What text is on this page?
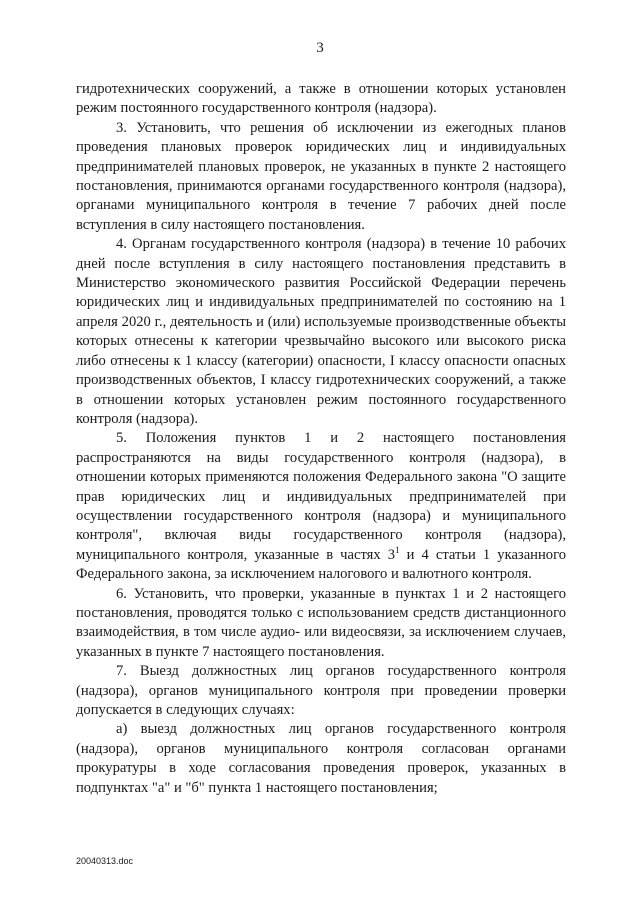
3

гидротехнических сооружений, а также в отношении которых установлен режим постоянного государственного контроля (надзора).

3. Установить, что решения об исключении из ежегодных планов проведения плановых проверок юридических лиц и индивидуальных предпринимателей плановых проверок, не указанных в пункте 2 настоящего постановления, принимаются органами государственного контроля (надзора), органами муниципального контроля в течение 7 рабочих дней после вступления в силу настоящего постановления.

4. Органам государственного контроля (надзора) в течение 10 рабочих дней после вступления в силу настоящего постановления представить в Министерство экономического развития Российской Федерации перечень юридических лиц и индивидуальных предпринимателей по состоянию на 1 апреля 2020 г., деятельность и (или) используемые производственные объекты которых отнесены к категории чрезвычайно высокого или высокого риска либо отнесены к 1 классу (категории) опасности, I классу опасности опасных производственных объектов, I классу гидротехнических сооружений, а также в отношении которых установлен режим постоянного государственного контроля (надзора).

5. Положения пунктов 1 и 2 настоящего постановления распространяются на виды государственного контроля (надзора), в отношении которых применяются положения Федерального закона "О защите прав юридических лиц и индивидуальных предпринимателей при осуществлении государственного контроля (надзора) и муниципального контроля", включая виды государственного контроля (надзора), муниципального контроля, указанные в частях $3^1$ и 4 статьи 1 указанного Федерального закона, за исключением налогового и валютного контроля.

6. Установить, что проверки, указанные в пунктах 1 и 2 настоящего постановления, проводятся только с использованием средств дистанционного взаимодействия, в том числе аудио- или видеосвязи, за исключением случаев, указанных в пункте 7 настоящего постановления.

7. Выезд должностных лиц органов государственного контроля (надзора), органов муниципального контроля при проведении проверки допускается в следующих случаях:

а) выезд должностных лиц органов государственного контроля (надзора), органов муниципального контроля согласован органами прокуратуры в ходе согласования проведения проверок, указанных в подпунктах "а" и "б" пункта 1 настоящего постановления;

20040313.doc
